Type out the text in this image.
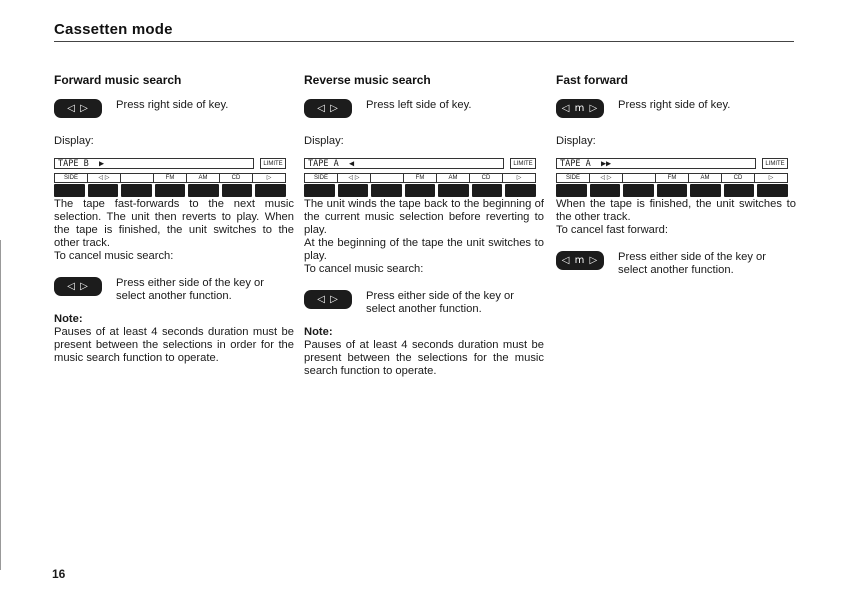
Cassetten mode
Forward music search
◁ ▷	Press right side of key.
Display:
TAPE B  ▶	LIMITE
SIDE	◁ ▷	FM	AM	CD	▷

The tape fast-forwards to the next music selection. The unit then reverts to play. When the tape is finished, the unit switches to the other track.

To cancel music search:

◁ ▷	Press either side of the key or select another function.

Note:

Pauses of at least 4 seconds duration must be present between the selections in order for the music search function to operate.

Reverse music search
◁ ▷	Press left side of key.
Display:
TAPE A  ◀	LIMITE
SIDE	◁ ▷	FM	AM	CD	▷

The unit winds the tape back to the beginning of the current music selection before reverting to play.

At the beginning of the tape the unit switches to play.

To cancel music search:

◁ ▷	Press either side of the key or select another function.

Note:

Pauses of at least 4 seconds duration must be present between the selections for the music search function to operate.

Fast forward
◁ m ▷	Press right side of key.
Display:
TAPE A  ▶▶	LIMITE
SIDE	◁ ▷	FM	AM	CD	▷

When the tape is finished, the unit switches to the other track.

To cancel fast forward:

◁ m ▷	Press either side of the key or select another function.
16
